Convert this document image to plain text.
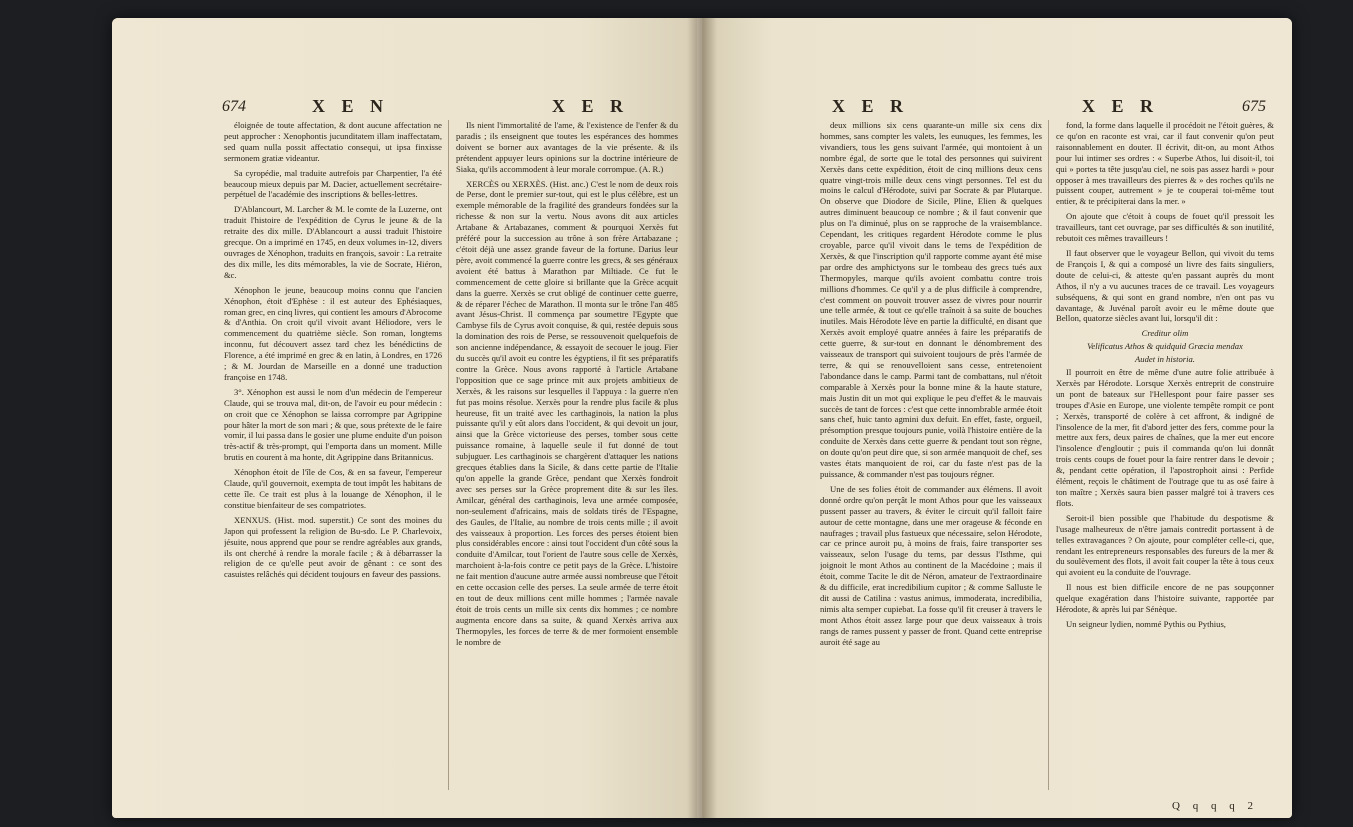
674	X E N	X E R

éloignée de toute affectation, & dont aucune affectation ne peut approcher : Xenophontis jucunditatem illam inaffectatam, sed quam nulla possit affectatio consequi, ut ipsa finxisse sermonem gratiæ videantur.

Sa cyropédie, mal traduite autrefois par Charpentier, l'a été beaucoup mieux depuis par M. Dacier, actuellement secrétaire-perpétuel de l'académie des inscriptions & belles-lettres.

D'Ablancourt, M. Larcher & M. le comte de la Luzerne, ont traduit l'histoire de l'expédition de Cyrus le jeune & de la retraite des dix mille. D'Ablancourt a aussi traduit l'histoire grecque. On a imprimé en 1745, en deux volumes in-12, divers ouvrages de Xénophon, traduits en françois, savoir : La retraite des dix mille, les dits mémorables, la vie de Socrate, Hiéron, &c.

Xénophon le jeune, beaucoup moins connu que l'ancien Xénophon, étoit d'Ephèse : il est auteur des Ephésiaques, roman grec, en cinq livres, qui contient les amours d'Abrocome & d'Anthia. On croit qu'il vivoit avant Héliodore, vers le commencement du quatrième siècle. Son roman, longtems inconnu, fut découvert assez tard chez les bénédictins de Florence, a été imprimé en grec & en latin, à Londres, en 1726 ; & M. Jourdan de Marseille en a donné une traduction françoise en 1748.

3°. Xénophon est aussi le nom d'un médecin de l'empereur Claude, qui se trouva mal, dit-on, de l'avoir eu pour médecin : on croit que ce Xénophon se laissa corrompre par Agrippine pour hâter la mort de son mari ; & que, sous prétexte de le faire vomir, il lui passa dans le gosier une plume enduite d'un poison très-actif & très-prompt, qui l'emporta dans un moment. Mille brutis en courent à ma honte, dit Agrippine dans Britannicus.

Xénophon étoit de l'île de Cos, & en sa faveur, l'empereur Claude, qu'il gouvernoit, exempta de tout impôt les habitans de cette île. Ce trait est plus à la louange de Xénophon, il le constitue bienfaiteur de ses compatriotes.

XENXUS. (Hist. mod. superstit.) Ce sont des moines du Japon qui professent la religion de Bu-sdo. Le P. Charlevoix, jésuite, nous apprend que pour se rendre agréables aux grands, ils ont cherché à rendre la morale facile ; & à débarrasser la religion de ce qu'elle peut avoir de gênant : ce sont des casuistes relâchés qui décident toujours en faveur des passions.

Ils nient l'immortalité de l'ame, & l'existence de l'enfer & du paradis ; ils enseignent que toutes les espérances des hommes doivent se borner aux avantages de la vie présente. & ils prétendent appuyer leurs opinions sur la doctrine intérieure de Siaka, qu'ils accommodent à leur morale corrompue. (A. R.)

XERCÈS ou XERXÈS. (Hist. anc.) C'est le nom de deux rois de Perse, dont le premier sur-tout, qui est le plus célèbre, est un exemple mémorable de la fragilité des grandeurs fondées sur la richesse & non sur la vertu. Nous avons dit aux articles Artabane & Artabazanes, comment & pourquoi Xerxès fut préféré pour la succession au trône à son frère Artabazane ; c'étoit déjà une assez grande faveur de la fortune. Darius leur père, avoit commencé la guerre contre les grecs, & ses généraux avoient été battus à Marathon par Miltiade. Ce fut le commencement de cette gloire si brillante que la Grèce acquit dans la guerre. Xerxès se crut obligé de continuer cette guerre, & de réparer l'échec de Marathon. Il monta sur le trône l'an 485 avant Jésus-Christ. Il commença par soumettre l'Egypte que Cambyse fils de Cyrus avoit conquise, & qui, restée depuis sous la domination des rois de Perse, se ressouvenoit quelquefois de son ancienne indépendance, & essayoit de secouer le joug. Fier du succès qu'il avoit eu contre les égyptiens, il fit ses préparatifs contre la Grèce. Nous avons rapporté à l'article Artabane l'opposition que ce sage prince mit aux projets ambitieux de Xerxès, & les raisons sur lesquelles il l'appuya : la guerre n'en fut pas moins résolue. Xerxès pour la rendre plus facile & plus heureuse, fit un traité avec les carthaginois, la nation la plus puissante qu'il y eût alors dans l'occident, & qui devoit un jour, ainsi que la Grèce victorieuse des perses, tomber sous cette puissance romaine, à laquelle seule il fut donné de tout subjuguer. Les carthaginois se chargèrent d'attaquer les nations grecques établies dans la Sicile, & dans cette partie de l'Italie qu'on appelle la grande Grèce, pendant que Xerxès fondroit avec ses perses sur la Grèce proprement dite & sur les îles. Amilcar, général des carthaginois, leva une armée composée, non-seulement d'africains, mais de soldats tirés de l'Espagne, des Gaules, de l'Italie, au nombre de trois cents mille ; il avoit des vaisseaux à proportion. Les forces des perses étoient bien plus considérables encore : ainsi tout l'occident d'un côté sous la conduite d'Amilcar, tout l'orient de l'autre sous celle de Xerxès, marchoient à-la-fois contre ce petit pays de la Grèce. L'histoire ne fait mention d'aucune autre armée aussi nombreuse que l'étoit en cette occasion celle des perses. La seule armée de terre étoit en tout de deux millions cent mille hommes ; l'armée navale étoit de trois cents un mille six cents dix hommes ; ce nombre augmenta encore dans sa suite, & quand Xerxès arriva aux Thermopyles, les forces de terre & de mer formoient ensemble le nombre de

X E R	X E R	675

deux millions six cens quarante-un mille six cens dix hommes, sans compter les valets, les eunuques, les femmes, les vivandiers, tous les gens suivant l'armée, qui montoient à un nombre égal, de sorte que le total des personnes qui suivirent Xerxès dans cette expédition, étoit de cinq millions deux cens quatre vingt-trois mille deux cens vingt personnes. Tel est du moins le calcul d'Hérodote, suivi par Socrate & par Plutarque. On observe que Diodore de Sicile, Pline, Elien & quelques autres diminuent beaucoup ce nombre ; & il faut convenir que plus on l'a diminué, plus on se rapproche de la vraisemblance. Cependant, les critiques regardent Hérodote comme le plus croyable, parce qu'il vivoit dans le tems de l'expédition de Xerxès, & que l'inscription qu'il rapporte comme ayant été mise par ordre des amphictyons sur le tombeau des grecs tués aux Thermopyles, marque qu'ils avoient combattu contre trois millions d'hommes. Ce qu'il y a de plus difficile à comprendre, c'est comment on pouvoit trouver assez de vivres pour nourrir une telle armée, & tout ce qu'elle traînoit à sa suite de bouches inutiles. Mais Hérodote lève en partie la difficulté, en disant que Xerxès avoit employé quatre années à faire les préparatifs de cette guerre, & sur-tout en donnant le dénombrement des vaisseaux de transport qui suivoient toujours de près l'armée de terre, & qui se renouvelloient sans cesse, entretenoient l'abondance dans le camp. Parmi tant de combattans, nul n'étoit comparable à Xerxès pour la bonne mine & la haute stature, mais Justin dit un mot qui explique le peu d'effet & le mauvais succès de tant de forces : c'est que cette innombrable armée étoit sans chef, huic tanto agmini dux defuit. En effet, faste, orgueil, présomption presque toujours punie, voilà l'histoire entière de la conduite de Xerxès dans cette guerre & pendant tout son règne, on doute qu'on peut dire que, si son armée manquoit de chef, ses vastes états manquoient de roi, car du faste n'est pas de la puissance, & commander n'est pas toujours régner.

Une de ses folies étoit de commander aux élémens. Il avoit donné ordre qu'on perçât le mont Athos pour que les vaisseaux pussent passer au travers, & éviter le circuit qu'il falloit faire autour de cette montagne, dans une mer orageuse & féconde en naufrages ; travail plus fastueux que nécessaire, selon Hérodote, car ce prince auroit pu, à moins de frais, faire transporter ses vaisseaux, selon l'usage du tems, par dessus l'Isthme, qui joignoit le mont Athos au continent de la Macédoine ; mais il étoit, comme Tacite le dit de Néron, amateur de l'extraordinaire & du difficile, erat incredibilium cupitor ; & comme Salluste le dit aussi de Catilina : vastus animus, immoderata, incredibilia, nimis alta semper cupiebat. La fosse qu'il fit creuser à travers le mont Athos étoit assez large pour que deux vaisseaux à trois rangs de rames pussent y passer de front. Quand cette entreprise auroit été sage au

fond, la forme dans laquelle il procédoit ne l'étoit guères, & ce qu'on en raconte est vrai, car il faut convenir qu'on peut raisonnablement en douter. Il écrivit, dit-on, au mont Athos pour lui intimer ses ordres : « Superbe Athos, lui disoit-il, toi qui » portes ta tête jusqu'au ciel, ne sois pas assez hardi » pour opposer à mes travailleurs des pierres & » des roches qu'ils ne puissent couper, autrement » je te couperai toi-même tout entier, & te précipiterai dans la mer. »

On ajoute que c'étoit à coups de fouet qu'il pressoit les travailleurs, tant cet ouvrage, par ses difficultés & son inutilité, rebutoit ces mêmes travailleurs !

Il faut observer que le voyageur Bellon, qui vivoit du tems de François I, & qui a composé un livre des faits singuliers, doute de celui-ci, & atteste qu'en passant auprès du mont Athos, il n'y a vu aucunes traces de ce travail. Les voyageurs subséquens, & qui sont en grand nombre, n'en ont pas vu davantage, & Juvénal paroît avoir eu le même doute que Bellon, quatorze siècles avant lui, lorsqu'il dit :

Creditur olim

Velificatus Athos & quidquid Græcia mendax

Audet in historia.

Il pourroit en être de même d'une autre folie attribuée à Xerxès par Hérodote. Lorsque Xerxès entreprit de construire un pont de bateaux sur l'Hellespont pour faire passer ses troupes d'Asie en Europe, une violente tempête rompit ce pont ; Xerxès, transporté de colère à cet affront, & indigné de l'insolence de la mer, fit d'abord jetter des fers, comme pour la mettre aux fers, deux paires de chaînes, que la mer eut encore l'insolence d'engloutir ; puis il commanda qu'on lui donnât trois cents coups de fouet pour la faire rentrer dans le devoir ; &, pendant cette opération, il l'apostrophoit ainsi : Perfide élément, reçois le châtiment de l'outrage que tu as osé faire à ton maître ; Xerxès saura bien passer malgré toi à travers ces flots.

Seroit-il bien possible que l'habitude du despotisme & l'usage malheureux de n'être jamais contredit portassent à de telles extravagances ? On ajoute, pour compléter celle-ci, que, rendant les entrepreneurs responsables des fureurs de la mer & du soulèvement des flots, il avoit fait couper la tête à tous ceux qui avoient eu la conduite de l'ouvrage.

Il nous est bien difficile encore de ne pas soupçonner quelque exagération dans l'histoire suivante, rapportée par Hérodote, & après lui par Sénèque.

Un seigneur lydien, nommé Pythis ou Pythius,

Q q q q 2
